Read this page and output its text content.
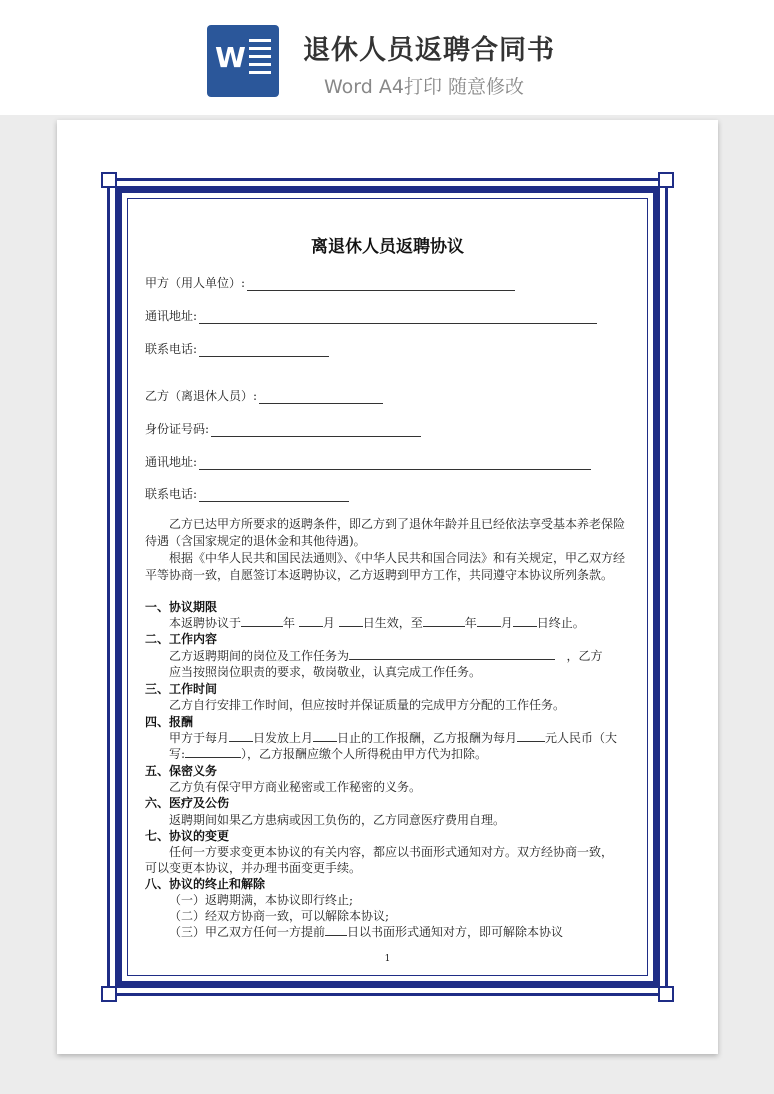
W 退休人员返聘合同书
Word A4打印 随意修改
离退休人员返聘协议
甲方（用人单位）:
通讯地址:
联系电话:
乙方（离退休人员）:
身份证号码:
通讯地址:
联系电话:
乙方已达甲方所要求的返聘条件，即乙方到了退休年龄并且已经依法享受基本养老保险待遇（含国家规定的退休金和其他待遇)。
根据《中华人民共和国民法通则》、《中华人民共和国合同法》和有关规定，甲乙双方经平等协商一致，自愿签订本返聘协议，乙方返聘到甲方工作，共同遵守本协议所列条款。
一、协议期限
本返聘协议于	年 月 日生效，至	年 月 日终止。
二、工作内容
乙方返聘期间的岗位及工作任务为	，乙方
应当按照岗位职责的要求，敬岗敬业，认真完成工作任务。
三、工作时间
乙方自行安排工作时间，但应按时并保证质量的完成甲方分配的工作任务。
四、报酬
甲方于每月 日发放上月 日止的工作报酬，乙方报酬为每月 元人民币（大
写:	），乙方报酬应缴个人所得税由甲方代为扣除。
五、保密义务
乙方负有保守甲方商业秘密或工作秘密的义务。
六、医疗及公伤
返聘期间如果乙方患病或因工负伤的，乙方同意医疗费用自理。
七、协议的变更
任何一方要求变更本协议的有关内容，都应以书面形式通知对方。双方经协商一致，
可以变更本协议，并办理书面变更手续。
八、协议的终止和解除
（一）返聘期满，本协议即行终止;
（二）经双方协商一致，可以解除本协议;
（三）甲乙双方任何一方提前 日以书面形式通知对方，即可解除本协议
1
